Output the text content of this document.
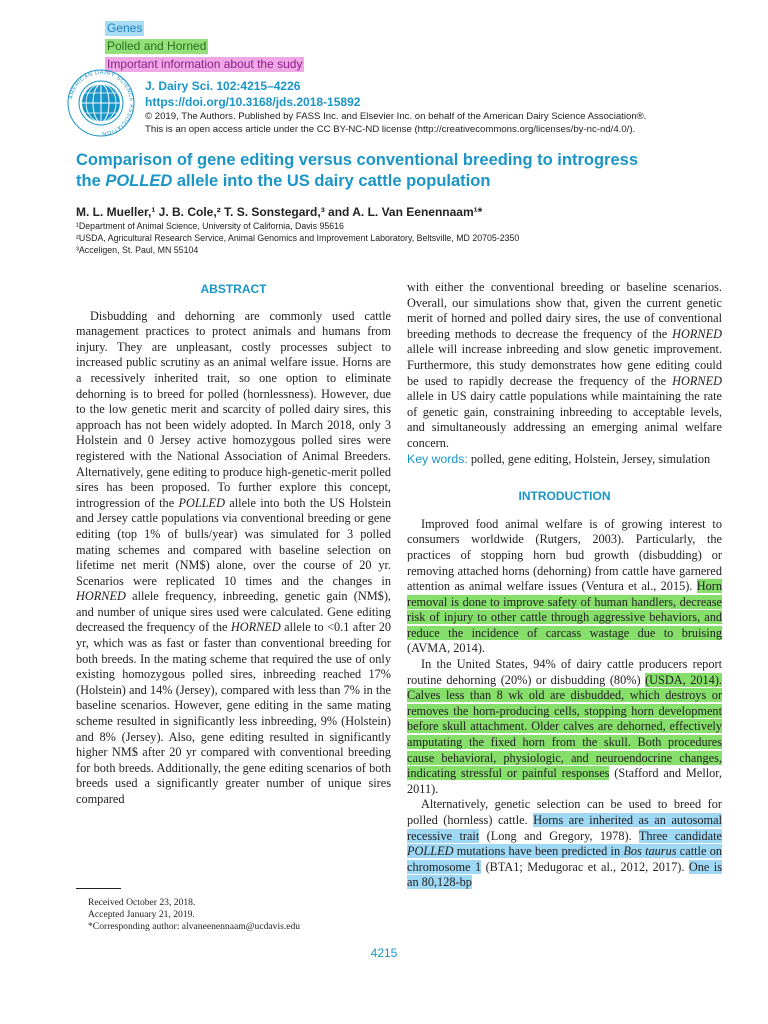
Genes
Polled and Horned
Important information about the sudy
AMERICAN DAIRY SCIENCE ASSOCIATION
J. Dairy Sci. 102:4215–4226
https://doi.org/10.3168/jds.2018-15892
© 2019, The Authors. Published by FASS Inc. and Elsevier Inc. on behalf of the American Dairy Science Association®.
This is an open access article under the CC BY-NC-ND license (http://creativecommons.org/licenses/by-nc-nd/4.0/).
Comparison of gene editing versus conventional breeding to introgress
the POLLED allele into the US dairy cattle population
M. L. Mueller,¹ J. B. Cole,² T. S. Sonstegard,³ and A. L. Van Eenennaam¹*
¹Department of Animal Science, University of California, Davis 95616
²USDA, Agricultural Research Service, Animal Genomics and Improvement Laboratory, Beltsville, MD 20705-2350
³Acceligen, St. Paul, MN 55104
ABSTRACT

Disbudding and dehorning are commonly used cattle management practices to protect animals and humans from injury. They are unpleasant, costly processes subject to increased public scrutiny as an animal welfare issue. Horns are a recessively inherited trait, so one option to eliminate dehorning is to breed for polled (hornlessness). However, due to the low genetic merit and scarcity of polled dairy sires, this approach has not been widely adopted. In March 2018, only 3 Holstein and 0 Jersey active homozygous polled sires were registered with the National Association of Animal Breeders. Alternatively, gene editing to produce high-genetic-merit polled sires has been proposed. To further explore this concept, introgression of the POLLED allele into both the US Holstein and Jersey cattle populations via conventional breeding or gene editing (top 1% of bulls/year) was simulated for 3 polled mating schemes and compared with baseline selection on lifetime net merit (NM$) alone, over the course of 20 yr. Scenarios were replicated 10 times and the changes in HORNED allele frequency, inbreeding, genetic gain (NM$), and number of unique sires used were calculated. Gene editing decreased the frequency of the HORNED allele to <0.1 after 20 yr, which was as fast or faster than conventional breeding for both breeds. In the mating scheme that required the use of only existing homozygous polled sires, inbreeding reached 17% (Holstein) and 14% (Jersey), compared with less than 7% in the baseline scenarios. However, gene editing in the same mating scheme resulted in significantly less inbreeding, 9% (Holstein) and 8% (Jersey). Also, gene editing resulted in significantly higher NM$ after 20 yr compared with conventional breeding for both breeds. Additionally, the gene editing scenarios of both breeds used a significantly greater number of unique sires compared

with either the conventional breeding or baseline scenarios. Overall, our simulations show that, given the current genetic merit of horned and polled dairy sires, the use of conventional breeding methods to decrease the frequency of the HORNED allele will increase inbreeding and slow genetic improvement. Furthermore, this study demonstrates how gene editing could be used to rapidly decrease the frequency of the HORNED allele in US dairy cattle populations while maintaining the rate of genetic gain, constraining inbreeding to acceptable levels, and simultaneously addressing an emerging animal welfare concern.

Key words: polled, gene editing, Holstein, Jersey, simulation

INTRODUCTION

Improved food animal welfare is of growing interest to consumers worldwide (Rutgers, 2003). Particularly, the practices of stopping horn bud growth (disbudding) or removing attached horns (dehorning) from cattle have garnered attention as animal welfare issues (Ventura et al., 2015). Horn removal is done to improve safety of human handlers, decrease risk of injury to other cattle through aggressive behaviors, and reduce the incidence of carcass wastage due to bruising (AVMA, 2014).

In the United States, 94% of dairy cattle producers report routine dehorning (20%) or disbudding (80%) (USDA, 2014). Calves less than 8 wk old are disbudded, which destroys or removes the horn-producing cells, stopping horn development before skull attachment. Older calves are dehorned, effectively amputating the fixed horn from the skull. Both procedures cause behavioral, physiologic, and neuroendocrine changes, indicating stressful or painful responses (Stafford and Mellor, 2011).

Alternatively, genetic selection can be used to breed for polled (hornless) cattle. Horns are inherited as an autosomal recessive trait (Long and Gregory, 1978). Three candidate POLLED mutations have been predicted in Bos taurus cattle on chromosome 1 (BTA1; Medugorac et al., 2012, 2017). One is an 80,128-bp

Received October 23, 2018.
Accepted January 21, 2019.
*Corresponding author: alvaneenennaam@ucdavis.edu
4215
